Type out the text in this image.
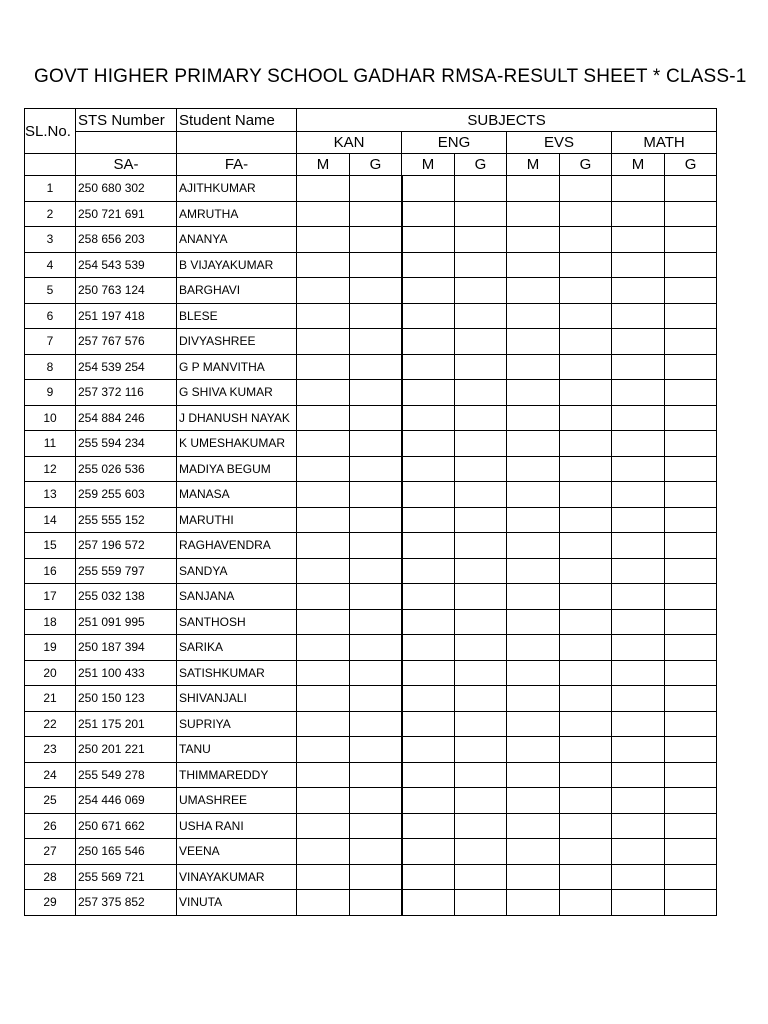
GOVT HIGHER PRIMARY SCHOOL GADHAR RMSA-RESULT SHEET * CLASS-1
SL.No.	STS Number	Student Name	SUBJECTS							
			KAN		ENG		EVS		MATH	
	SA-	FA-	M	G	M	G	M	G	M	G
1	250 680 302	AJITHKUMAR								
2	250 721 691	AMRUTHA								
3	258 656 203	ANANYA								
4	254 543 539	B VIJAYAKUMAR								
5	250 763 124	BARGHAVI								
6	251 197 418	BLESE								
7	257 767 576	DIVYASHREE								
8	254 539 254	G P MANVITHA								
9	257 372 116	G SHIVA KUMAR								
10	254 884 246	J DHANUSH NAYAK								
11	255 594 234	K UMESHAKUMAR								
12	255 026 536	MADIYA BEGUM								
13	259 255 603	MANASA								
14	255 555 152	MARUTHI								
15	257 196 572	RAGHAVENDRA								
16	255 559 797	SANDYA								
17	255 032 138	SANJANA								
18	251 091 995	SANTHOSH								
19	250 187 394	SARIKA								
20	251 100 433	SATISHKUMAR								
21	250 150 123	SHIVANJALI								
22	251 175 201	SUPRIYA								
23	250 201 221	TANU								
24	255 549 278	THIMMAREDDY								
25	254 446 069	UMASHREE								
26	250 671 662	USHA RANI								
27	250 165 546	VEENA								
28	255 569 721	VINAYAKUMAR								
29	257 375 852	VINUTA								
